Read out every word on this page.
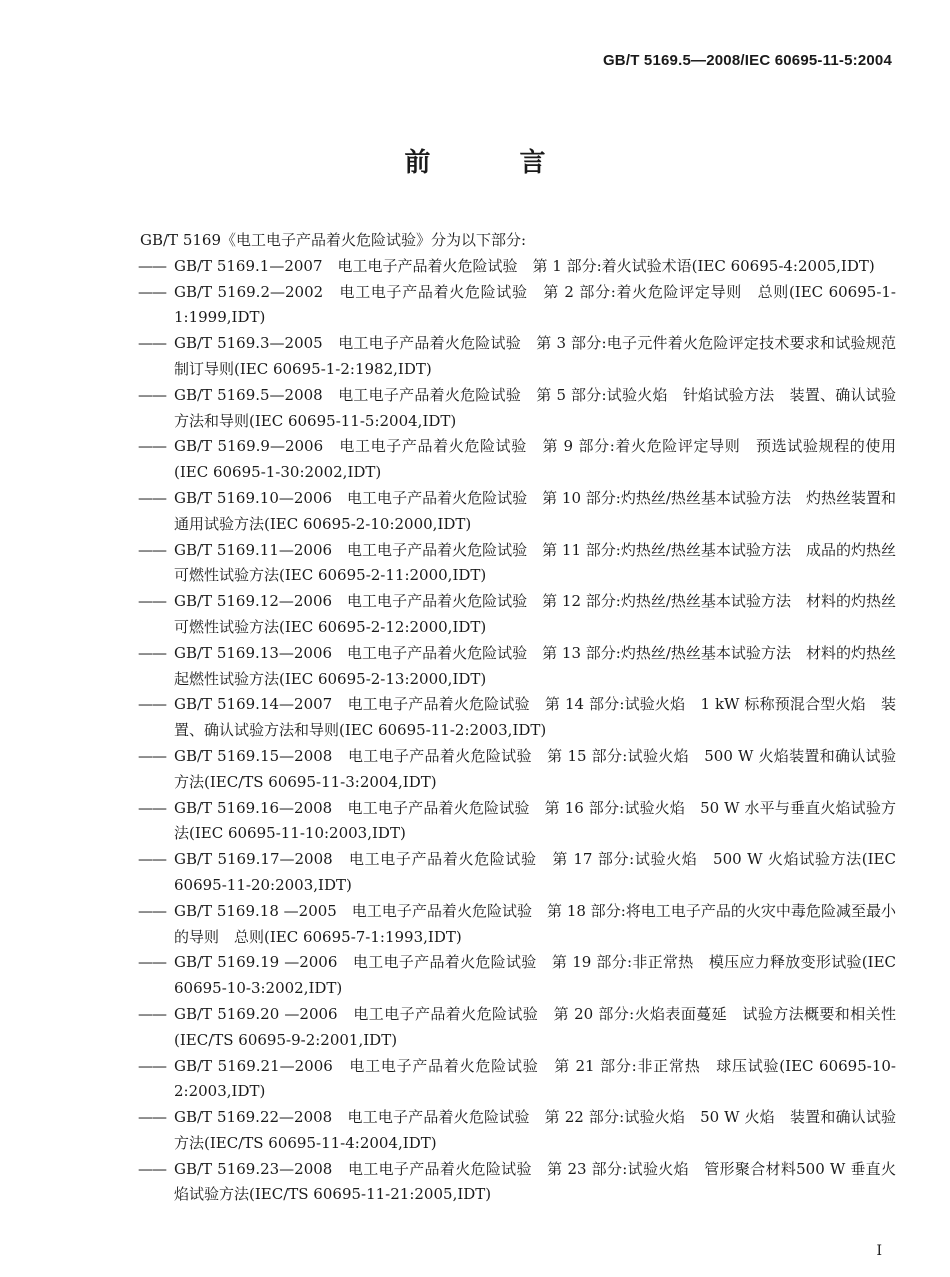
GB/T 5169.5—2008/IEC 60695-11-5:2004
前 言

GB/T 5169《电工电子产品着火危险试验》分为以下部分:

—— GB/T 5169.1—2007　电工电子产品着火危险试验　第 1 部分:着火试验术语(IEC 60695-4:2005,IDT)
—— GB/T 5169.2—2002　电工电子产品着火危险试验　第 2 部分:着火危险评定导则　总则(IEC 60695-1-1:1999,IDT)
—— GB/T 5169.3—2005　电工电子产品着火危险试验　第 3 部分:电子元件着火危险评定技术要求和试验规范制订导则(IEC 60695-1-2:1982,IDT)
—— GB/T 5169.5—2008　电工电子产品着火危险试验　第 5 部分:试验火焰　针焰试验方法　装置、确认试验方法和导则(IEC 60695-11-5:2004,IDT)
—— GB/T 5169.9—2006　电工电子产品着火危险试验　第 9 部分:着火危险评定导则　预选试验规程的使用(IEC 60695-1-30:2002,IDT)
—— GB/T 5169.10—2006　电工电子产品着火危险试验　第 10 部分:灼热丝/热丝基本试验方法　灼热丝装置和通用试验方法(IEC 60695-2-10:2000,IDT)
—— GB/T 5169.11—2006　电工电子产品着火危险试验　第 11 部分:灼热丝/热丝基本试验方法　成品的灼热丝可燃性试验方法(IEC 60695-2-11:2000,IDT)
—— GB/T 5169.12—2006　电工电子产品着火危险试验　第 12 部分:灼热丝/热丝基本试验方法　材料的灼热丝可燃性试验方法(IEC 60695-2-12:2000,IDT)
—— GB/T 5169.13—2006　电工电子产品着火危险试验　第 13 部分:灼热丝/热丝基本试验方法　材料的灼热丝起燃性试验方法(IEC 60695-2-13:2000,IDT)
—— GB/T 5169.14—2007　电工电子产品着火危险试验　第 14 部分:试验火焰　1 kW 标称预混合型火焰　装置、确认试验方法和导则(IEC 60695-11-2:2003,IDT)
—— GB/T 5169.15—2008　电工电子产品着火危险试验　第 15 部分:试验火焰　500 W 火焰装置和确认试验方法(IEC/TS 60695-11-3:2004,IDT)
—— GB/T 5169.16—2008　电工电子产品着火危险试验　第 16 部分:试验火焰　50 W 水平与垂直火焰试验方法(IEC 60695-11-10:2003,IDT)
—— GB/T 5169.17—2008　电工电子产品着火危险试验　第 17 部分:试验火焰　500 W 火焰试验方法(IEC 60695-11-20:2003,IDT)
—— GB/T 5169.18 —2005　电工电子产品着火危险试验　第 18 部分:将电工电子产品的火灾中毒危险减至最小的导则　总则(IEC 60695-7-1:1993,IDT)
—— GB/T 5169.19 —2006　电工电子产品着火危险试验　第 19 部分:非正常热　模压应力释放变形试验(IEC 60695-10-3:2002,IDT)
—— GB/T 5169.20 —2006　电工电子产品着火危险试验　第 20 部分:火焰表面蔓延　试验方法概要和相关性(IEC/TS 60695-9-2:2001,IDT)
—— GB/T 5169.21—2006　电工电子产品着火危险试验　第 21 部分:非正常热　球压试验(IEC 60695-10-2:2003,IDT)
—— GB/T 5169.22—2008　电工电子产品着火危险试验　第 22 部分:试验火焰　50 W 火焰　装置和确认试验方法(IEC/TS 60695-11-4:2004,IDT)
—— GB/T 5169.23—2008　电工电子产品着火危险试验　第 23 部分:试验火焰　管形聚合材料500 W 垂直火焰试验方法(IEC/TS 60695-11-21:2005,IDT)
I
